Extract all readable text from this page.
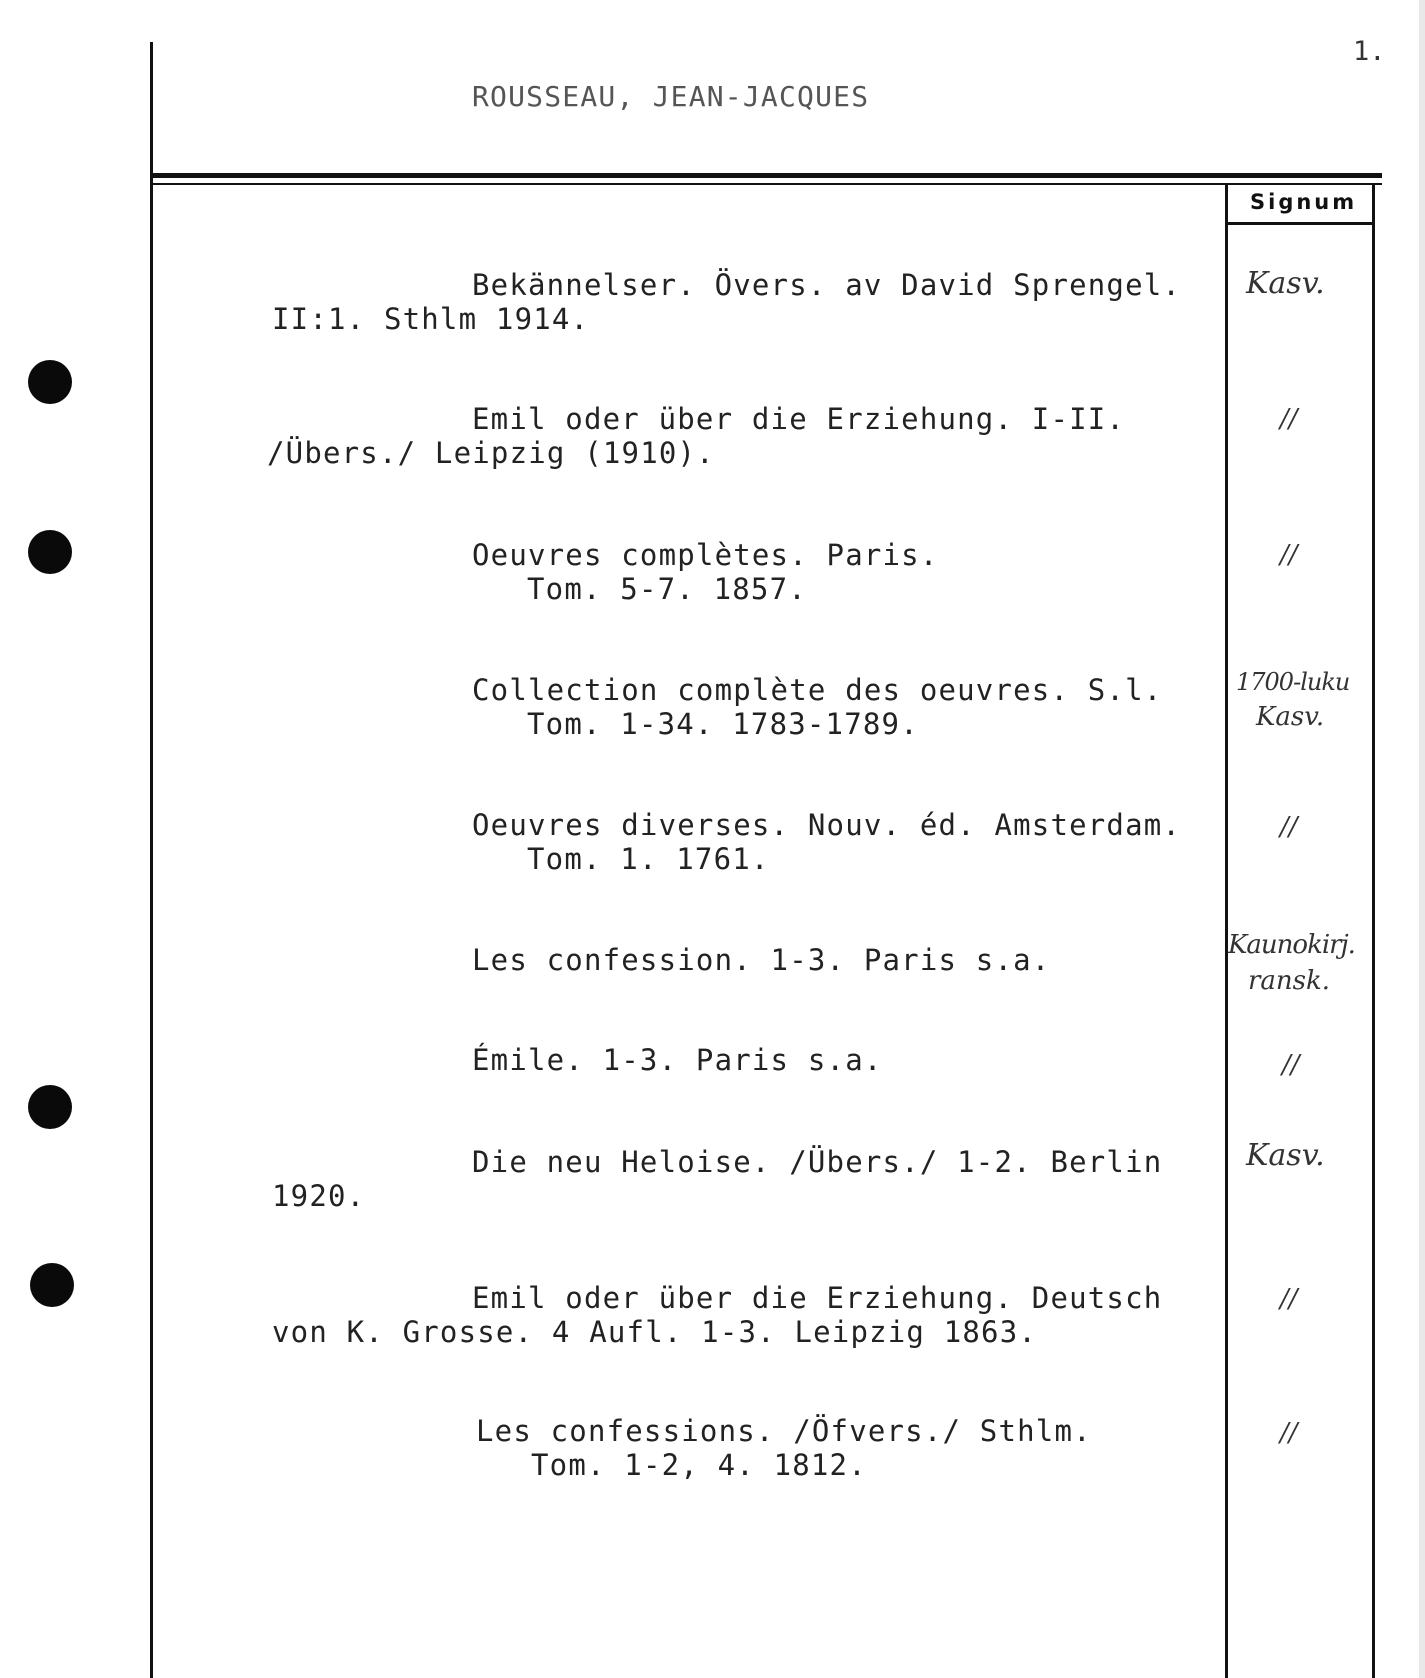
1.
ROUSSEAU, JEAN-JACQUES
Signum
Bekännelser. Övers. av David Sprengel.
II:1. Sthlm 1914.
Kasv.
Emil oder über die Erziehung. I-II.
/Übers./ Leipzig (1910).
//
Oeuvres complètes. Paris.
Tom. 5-7. 1857.
//
Collection complète des oeuvres. S.l.
Tom. 1-34. 1783-1789.
1700-luku
Kasv.
Oeuvres diverses. Nouv. éd. Amsterdam.
Tom. 1. 1761.
//
Les confession. 1-3. Paris s.a.	Kaunokirj.
ransk.
Émile. 1-3. Paris s.a.	//
Die neu Heloise. /Übers./ 1-2. Berlin
1920.
Kasv.
Emil oder über die Erziehung. Deutsch
von K. Grosse. 4 Aufl. 1-3. Leipzig 1863.
//
Les confessions. /Öfvers./ Sthlm.
Tom. 1-2, 4. 1812.
//
